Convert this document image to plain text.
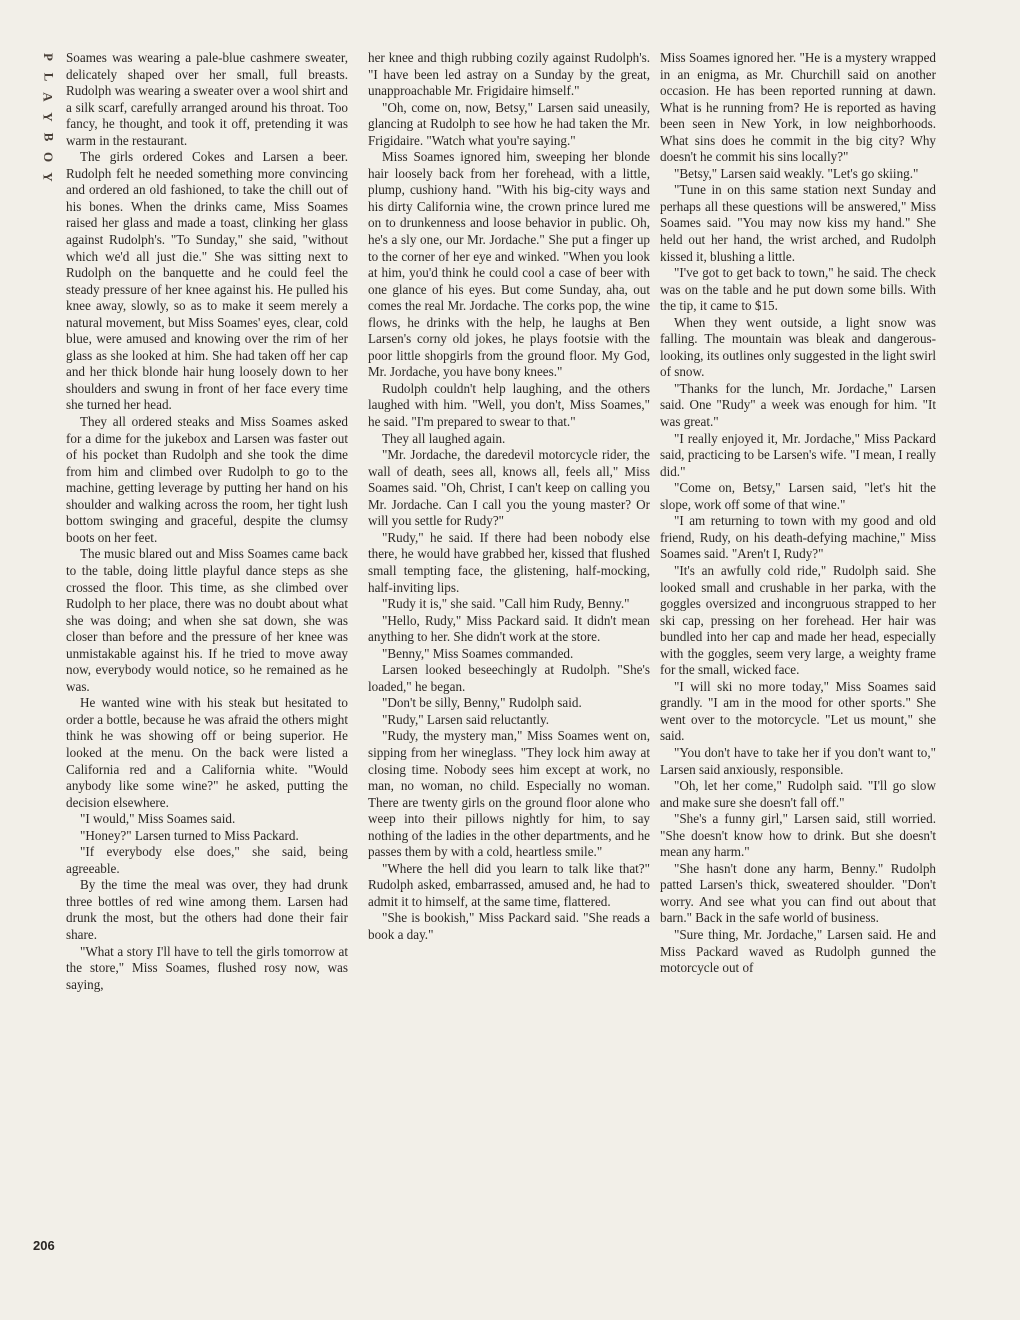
P
L
A
Y
B
O
Y

Soames was wearing a pale-blue cashmere sweater, delicately shaped over her small, full breasts. Rudolph was wearing a sweater over a wool shirt and a silk scarf, carefully arranged around his throat. Too fancy, he thought, and took it off, pretending it was warm in the restaurant.

The girls ordered Cokes and Larsen a beer. Rudolph felt he needed something more convincing and ordered an old fashioned, to take the chill out of his bones. When the drinks came, Miss Soames raised her glass and made a toast, clinking her glass against Rudolph's. "To Sunday," she said, "without which we'd all just die." She was sitting next to Rudolph on the banquette and he could feel the steady pressure of her knee against his. He pulled his knee away, slowly, so as to make it seem merely a natural movement, but Miss Soames' eyes, clear, cold blue, were amused and knowing over the rim of her glass as she looked at him. She had taken off her cap and her thick blonde hair hung loosely down to her shoulders and swung in front of her face every time she turned her head.

They all ordered steaks and Miss Soames asked for a dime for the jukebox and Larsen was faster out of his pocket than Rudolph and she took the dime from him and climbed over Rudolph to go to the machine, getting leverage by putting her hand on his shoulder and walking across the room, her tight lush bottom swinging and graceful, despite the clumsy boots on her feet.

The music blared out and Miss Soames came back to the table, doing little playful dance steps as she crossed the floor. This time, as she climbed over Rudolph to her place, there was no doubt about what she was doing; and when she sat down, she was closer than before and the pressure of her knee was unmistakable against his. If he tried to move away now, everybody would notice, so he remained as he was.

He wanted wine with his steak but hesitated to order a bottle, because he was afraid the others might think he was showing off or being superior. He looked at the menu. On the back were listed a California red and a California white. "Would anybody like some wine?" he asked, putting the decision elsewhere.

"I would," Miss Soames said.

"Honey?" Larsen turned to Miss Packard.

"If everybody else does," she said, being agreeable.

By the time the meal was over, they had drunk three bottles of red wine among them. Larsen had drunk the most, but the others had done their fair share.

"What a story I'll have to tell the girls tomorrow at the store," Miss Soames, flushed rosy now, was saying,

her knee and thigh rubbing cozily against Rudolph's. "I have been led astray on a Sunday by the great, unapproachable Mr. Frigidaire himself."

"Oh, come on, now, Betsy," Larsen said uneasily, glancing at Rudolph to see how he had taken the Mr. Frigidaire. "Watch what you're saying."

Miss Soames ignored him, sweeping her blonde hair loosely back from her forehead, with a little, plump, cushiony hand. "With his big-city ways and his dirty California wine, the crown prince lured me on to drunkenness and loose behavior in public. Oh, he's a sly one, our Mr. Jordache." She put a finger up to the corner of her eye and winked. "When you look at him, you'd think he could cool a case of beer with one glance of his eyes. But come Sunday, aha, out comes the real Mr. Jordache. The corks pop, the wine flows, he drinks with the help, he laughs at Ben Larsen's corny old jokes, he plays footsie with the poor little shopgirls from the ground floor. My God, Mr. Jordache, you have bony knees."

Rudolph couldn't help laughing, and the others laughed with him. "Well, you don't, Miss Soames," he said. "I'm prepared to swear to that."

They all laughed again.

"Mr. Jordache, the daredevil motorcycle rider, the wall of death, sees all, knows all, feels all," Miss Soames said. "Oh, Christ, I can't keep on calling you Mr. Jordache. Can I call you the young master? Or will you settle for Rudy?"

"Rudy," he said. If there had been nobody else there, he would have grabbed her, kissed that flushed small tempting face, the glistening, half-mocking, half-inviting lips.

"Rudy it is," she said. "Call him Rudy, Benny."

"Hello, Rudy," Miss Packard said. It didn't mean anything to her. She didn't work at the store.

"Benny," Miss Soames commanded.

Larsen looked beseechingly at Rudolph. "She's loaded," he began.

"Don't be silly, Benny," Rudolph said.

"Rudy," Larsen said reluctantly.

"Rudy, the mystery man," Miss Soames went on, sipping from her wineglass. "They lock him away at closing time. Nobody sees him except at work, no man, no woman, no child. Especially no woman. There are twenty girls on the ground floor alone who weep into their pillows nightly for him, to say nothing of the ladies in the other departments, and he passes them by with a cold, heartless smile."

"Where the hell did you learn to talk like that?" Rudolph asked, embarrassed, amused and, he had to admit it to himself, at the same time, flattered.

"She is bookish," Miss Packard said. "She reads a book a day."

Miss Soames ignored her. "He is a mystery wrapped in an enigma, as Mr. Churchill said on another occasion. He has been reported running at dawn. What is he running from? He is reported as having been seen in New York, in low neighborhoods. What sins does he commit in the big city? Why doesn't he commit his sins locally?"

"Betsy," Larsen said weakly. "Let's go skiing."

"Tune in on this same station next Sunday and perhaps all these questions will be answered," Miss Soames said. "You may now kiss my hand." She held out her hand, the wrist arched, and Rudolph kissed it, blushing a little.

"I've got to get back to town," he said. The check was on the table and he put down some bills. With the tip, it came to $15.

When they went outside, a light snow was falling. The mountain was bleak and dangerous-looking, its outlines only suggested in the light swirl of snow.

"Thanks for the lunch, Mr. Jordache," Larsen said. One "Rudy" a week was enough for him. "It was great."

"I really enjoyed it, Mr. Jordache," Miss Packard said, practicing to be Larsen's wife. "I mean, I really did."

"Come on, Betsy," Larsen said, "let's hit the slope, work off some of that wine."

"I am returning to town with my good and old friend, Rudy, on his death-defying machine," Miss Soames said. "Aren't I, Rudy?"

"It's an awfully cold ride," Rudolph said. She looked small and crushable in her parka, with the goggles oversized and incongruous strapped to her ski cap, pressing on her forehead. Her hair was bundled into her cap and made her head, especially with the goggles, seem very large, a weighty frame for the small, wicked face.

"I will ski no more today," Miss Soames said grandly. "I am in the mood for other sports." She went over to the motorcycle. "Let us mount," she said.

"You don't have to take her if you don't want to," Larsen said anxiously, responsible.

"Oh, let her come," Rudolph said. "I'll go slow and make sure she doesn't fall off."

"She's a funny girl," Larsen said, still worried. "She doesn't know how to drink. But she doesn't mean any harm."

"She hasn't done any harm, Benny." Rudolph patted Larsen's thick, sweatered shoulder. "Don't worry. And see what you can find out about that barn." Back in the safe world of business.

"Sure thing, Mr. Jordache," Larsen said. He and Miss Packard waved as Rudolph gunned the motorcycle out of

206
